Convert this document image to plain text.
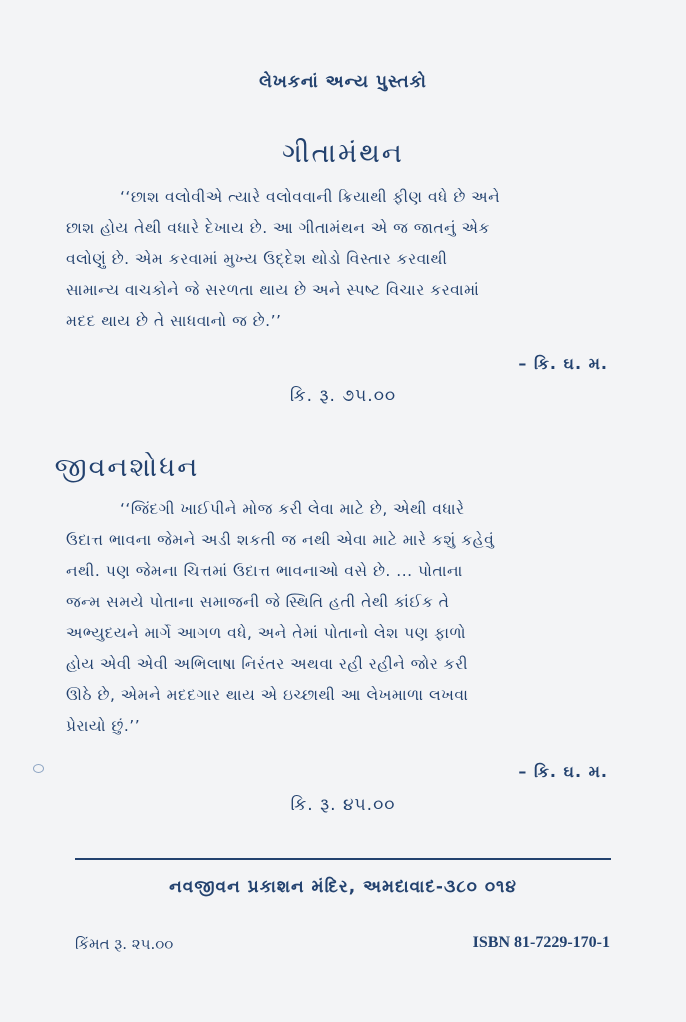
લેખકનાં અન્ય પુસ્તકો
ગીતામંથન
‘‘છાશ વલોવીએ ત્યારે વલોવવાની ક્રિયાથી ફીણ વધે છે અને
છાશ હોય તેથી વધારે દેખાય છે. આ ગીતામંથન એ જ જાતનું એક
વલોણું છે. એમ કરવામાં મુખ્ય ઉદ્દેશ થોડો વિસ્તાર કરવાથી
સામાન્ય વાચકોને જે સરળતા થાય છે અને સ્પષ્ટ વિચાર કરવામાં
મદદ થાય છે તે સાધવાનો જ છે.’’
– કિ. ઘ. મ.
કિ. રૂ. ૭૫.૦૦
જીવનશોધન
‘‘જિંદગી ખાઈપીને મોજ કરી લેવા માટે છે, એથી વધારે
ઉદાત્ત ભાવના જેમને અડી શકતી જ નથી એવા માટે મારે કશું કહેવું
નથી. પણ જેમના ચિત્તમાં ઉદાત્ત ભાવનાઓ વસે છે. ... પોતાના
જન્મ સમયે પોતાના સમાજની જે સ્થિતિ હતી તેથી કાંઈક તે
અભ્યુદયને માર્ગે આગળ વધે, અને તેમાં પોતાનો લેશ પણ ફાળો
હોય એવી એવી અભિલાષા નિરંતર અથવા રહી રહીને જોર કરી
ઊઠે છે, એમને મદદગાર થાય એ ઇચ્છાથી આ લેખમાળા લખવા
પ્રેરાયો છું.’’
– કિ. ઘ. મ.
કિ. રૂ. ૪૫.૦૦
નવજીવન પ્રકાશન મંદિર, અમદાવાદ-૩૮૦ ૦૧૪
કિંમત રૂ. ૨૫.૦૦	ISBN 81-7229-170-1
